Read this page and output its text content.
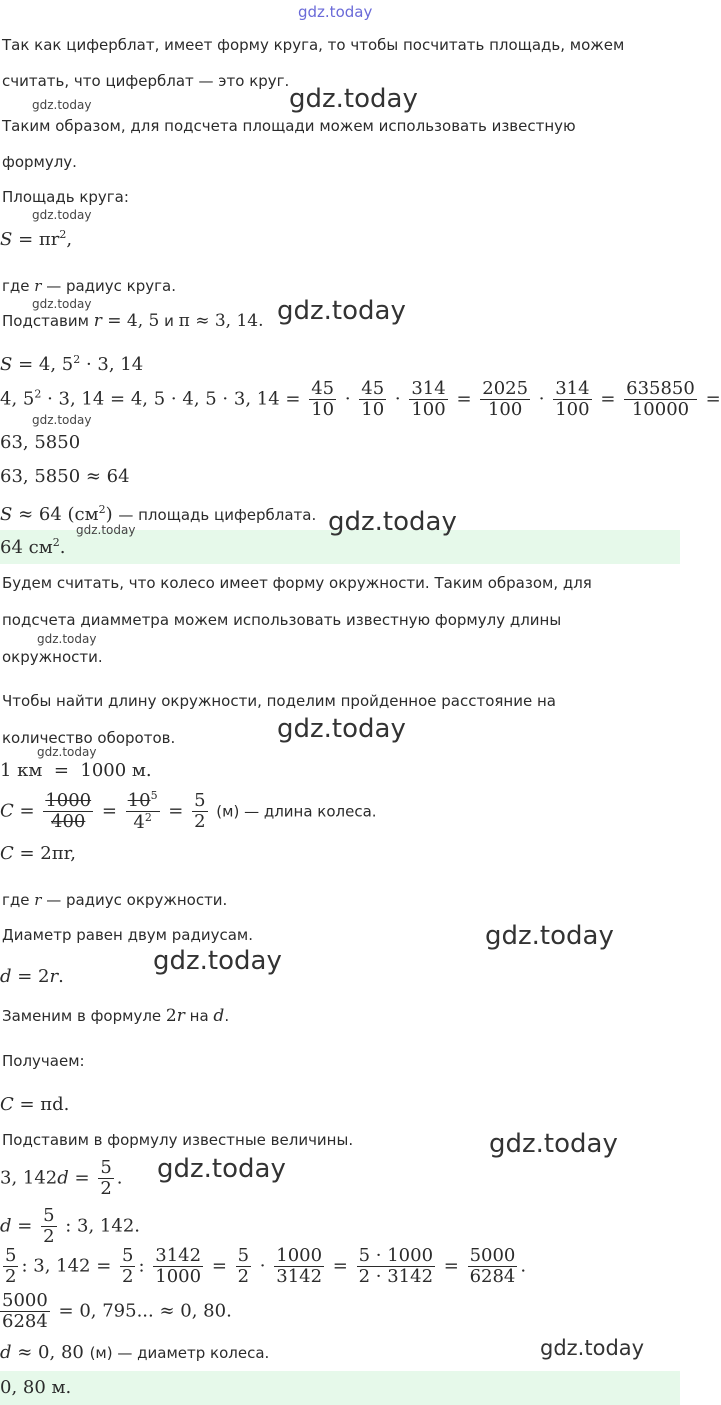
gdz.today
Так как циферблат, имеет форму круга, то чтобы посчитать площадь, можем
считать, что циферблат — это круг.
Таким образом, для подсчета площади можем использовать известную
формулу.
Площадь круга:
$S = \pi r^2$,
где r — радиус круга.
Подставим r = 4, 5 и π ≈ 3, 14.
S = 4, $5^2 \cdot 3$, 14
4, $5^2 \cdot 3$, 14 = 4, 5 · 4, 5 · 3, $14 = \frac{45}{10} \cdot \frac{45}{10} \cdot \frac{314}{100} = \frac{2025}{100} \cdot \frac{314}{100} = \frac{635850}{10000}$ =
63, 5850
63, 5850 ≈ 64
S ≈ 64 $(см^2)$ — площадь циферблата.
64 $см^2$.
Будем считать, что колесо имеет форму окружности. Таким образом, для
подсчета диамметра можем использовать известную формулу длины
окружности.
Чтобы найти длину окружности, поделим пройденное расстояние на
количество оборотов.
1 км  =  1000 м.
$C = \frac{1000}{400} = \frac{10^5}{4^2} = \frac{5}{2} (м)$ — длина колеса.
C = 2πr,
где r — радиус окружности.
Диаметр равен двум радиусам.
d = 2r.
Заменим в формуле 2r на d.
Получаем:
C = πd.
Подставим в формулу известные величины.
3, $142d = \frac{5}{2}$ .
$d = \frac{5}{2}$ : 3, 142.
$\frac{5}{2}$ : 3, $142 = \frac{5}{2}$ : $\frac{3142}{1000} = \frac{5}{2} \cdot \frac{1000}{3142} = \frac{5 \cdot 1000}{2 \cdot 3142} = \frac{5000}{6284}$ .
$\frac{5000}{6284} = 0$, 795... ≈ 0, 80.
d ≈ 0, 80 (м) — диаметр колеса.
0, 80 м.
gdz.today	gdz.today
gdz.today
gdz.today	gdz.today
gdz.today
gdz.today	gdz.today
gdz.today
gdz.today
gdz.today
gdz.today
gdz.today
gdz.today
gdz.today
gdz.today
